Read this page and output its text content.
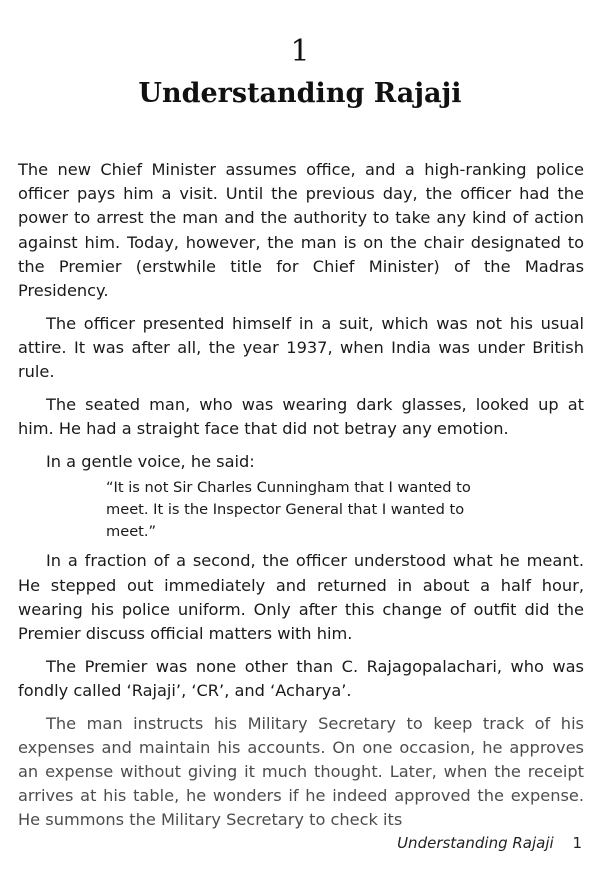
1
Understanding Rajaji

The new Chief Minister assumes office, and a high-ranking police officer pays him a visit. Until the previous day, the officer had the power to arrest the man and the authority to take any kind of action against him. Today, however, the man is on the chair designated to the Premier (erstwhile title for Chief Minister) of the Madras Presidency.

The officer presented himself in a suit, which was not his usual attire. It was after all, the year 1937, when India was under British rule.

The seated man, who was wearing dark glasses, looked up at him. He had a straight face that did not betray any emotion.

In a gentle voice, he said:

“It is not Sir Charles Cunningham that I wanted to meet. It is the Inspector General that I wanted to meet.”

In a fraction of a second, the officer understood what he meant. He stepped out immediately and returned in about a half hour, wearing his police uniform. Only after this change of outfit did the Premier discuss official matters with him.

The Premier was none other than C. Rajagopalachari, who was fondly called ‘Rajaji’, ‘CR’, and ‘Acharya’.

The man instructs his Military Secretary to keep track of his expenses and maintain his accounts. On one occasion, he approves an expense without giving it much thought. Later, when the receipt arrives at his table, he wonders if he indeed approved the expense. He summons the Military Secretary to check its

Understanding Rajaji 1
